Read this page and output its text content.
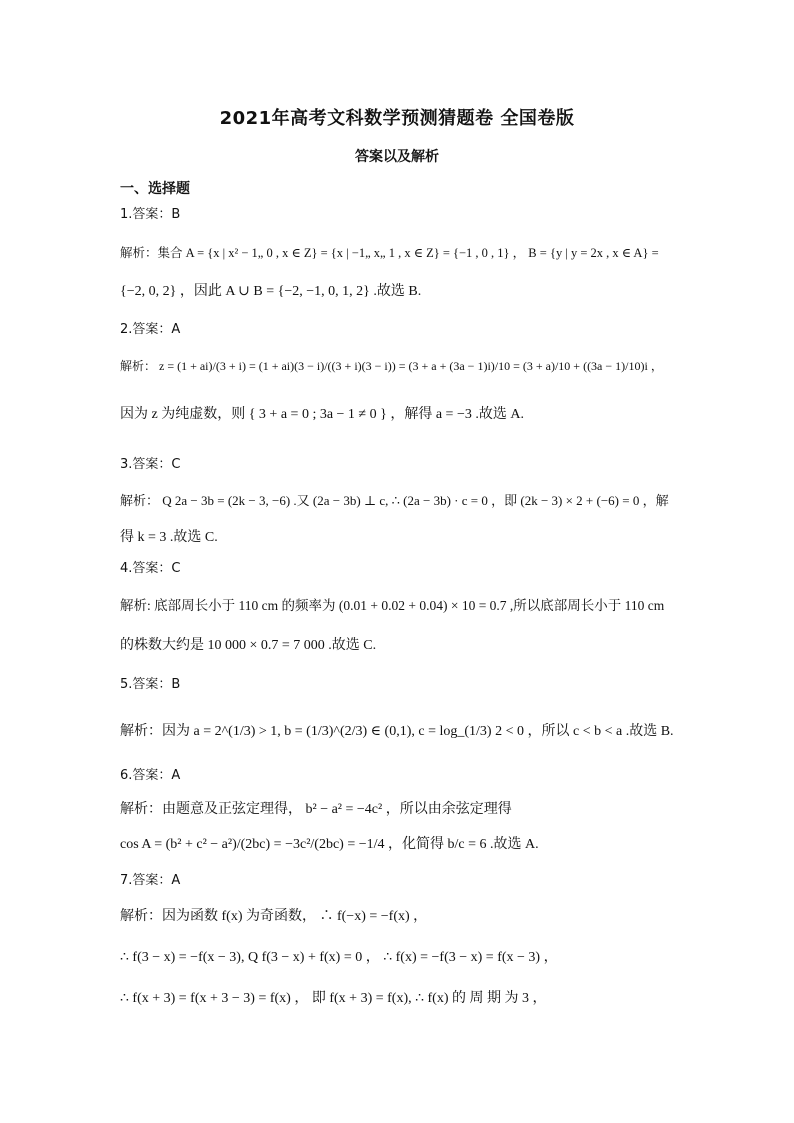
2021年高考文科数学预测猜题卷 全国卷版
答案以及解析
一、选择题
1.答案：B
解析：集合 A = {x | x² − 1„ 0 , x ∈ Z} = {x | −1„ x„ 1 , x ∈ Z} = {−1 , 0 , 1} ， B = {y | y = 2x , x ∈ A} =
{−2, 0, 2} ，因此 A ∪ B = {−2, −1, 0, 1, 2} .故选 B.
2.答案：A
解析： z = (1 + ai)/(3 + i) = (1 + ai)(3 − i)/((3 + i)(3 − i)) = (3 + a + (3a − 1)i)/10 = (3 + a)/10 + ((3a − 1)/10)i ，
因为 z 为纯虚数，则 { 3 + a = 0 ; 3a − 1 ≠ 0 } ，解得 a = −3 .故选 A.
3.答案：C
解析： Q 2a − 3b = (2k − 3, −6) .又 (2a − 3b) ⊥ c, ∴ (2a − 3b) · c = 0 ，即 (2k − 3) × 2 + (−6) = 0 ，解
得 k = 3 .故选 C.
4.答案：C
解析: 底部周长小于 110 cm 的频率为 (0.01 + 0.02 + 0.04) × 10 = 0.7 ,所以底部周长小于 110 cm
的株数大约是 10 000 × 0.7 = 7 000 .故选 C.
5.答案：B
解析：因为 a = 2^(1/3) > 1, b = (1/3)^(2/3) ∈ (0,1), c = log_(1/3) 2 < 0 ，所以 c < b < a .故选 B.
6.答案：A
解析：由题意及正弦定理得， b² − a² = −4c² ，所以由余弦定理得
cos A = (b² + c² − a²)/(2bc) = −3c²/(2bc) = −1/4 ，化简得 b/c = 6 .故选 A.
7.答案：A
解析：因为函数 f(x) 为奇函数， ∴ f(−x) = −f(x) ，
∴ f(3 − x) = −f(x − 3), Q f(3 − x) + f(x) = 0 ， ∴ f(x) = −f(3 − x) = f(x − 3) ，
∴ f(x + 3) = f(x + 3 − 3) = f(x) ， 即 f(x + 3) = f(x), ∴ f(x) 的 周 期 为 3 ，
